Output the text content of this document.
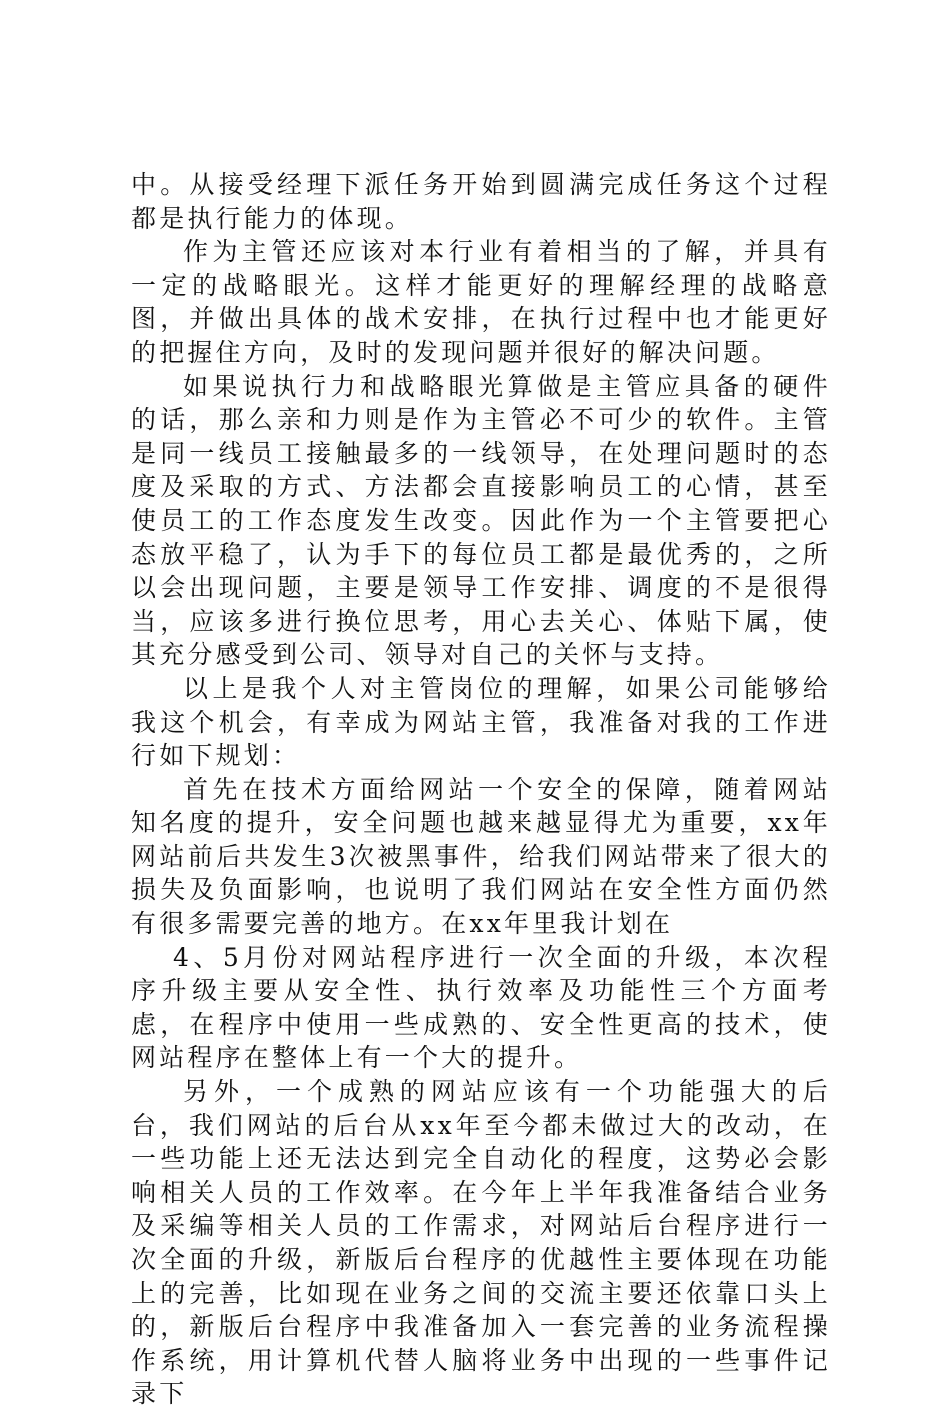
中。从接受经理下派任务开始到圆满完成任务这个过程都是执行能力的体现。

作为主管还应该对本行业有着相当的了解，并具有一定的战略眼光。这样才能更好的理解经理的战略意图，并做出具体的战术安排，在执行过程中也才能更好的把握住方向，及时的发现问题并很好的解决问题。

如果说执行力和战略眼光算做是主管应具备的硬件的话，那么亲和力则是作为主管必不可少的软件。主管是同一线员工接触最多的一线领导，在处理问题时的态度及采取的方式、方法都会直接影响员工的心情，甚至使员工的工作态度发生改变。因此作为一个主管要把心态放平稳了，认为手下的每位员工都是最优秀的，之所以会出现问题，主要是领导工作安排、调度的不是很得当，应该多进行换位思考，用心去关心、体贴下属，使其充分感受到公司、领导对自己的关怀与支持。

以上是我个人对主管岗位的理解，如果公司能够给我这个机会，有幸成为网站主管，我准备对我的工作进行如下规划：

首先在技术方面给网站一个安全的保障，随着网站知名度的提升，安全问题也越来越显得尤为重要，xx年网站前后共发生3次被黑事件，给我们网站带来了很大的损失及负面影响，也说明了我们网站在安全性方面仍然有很多需要完善的地方。在xx年里我计划在

4、5月份对网站程序进行一次全面的升级，本次程序升级主要从安全性、执行效率及功能性三个方面考虑，在程序中使用一些成熟的、安全性更高的技术，使网站程序在整体上有一个大的提升。

另外，一个成熟的网站应该有一个功能强大的后台，我们网站的后台从xx年至今都未做过大的改动，在一些功能上还无法达到完全自动化的程度，这势必会影响相关人员的工作效率。在今年上半年我准备结合业务及采编等相关人员的工作需求，对网站后台程序进行一次全面的升级，新版后台程序的优越性主要体现在功能上的完善，比如现在业务之间的交流主要还依靠口头上的，新版后台程序中我准备加入一套完善的业务流程操作系统，用计算机代替人脑将业务中出现的一些事件记录下
